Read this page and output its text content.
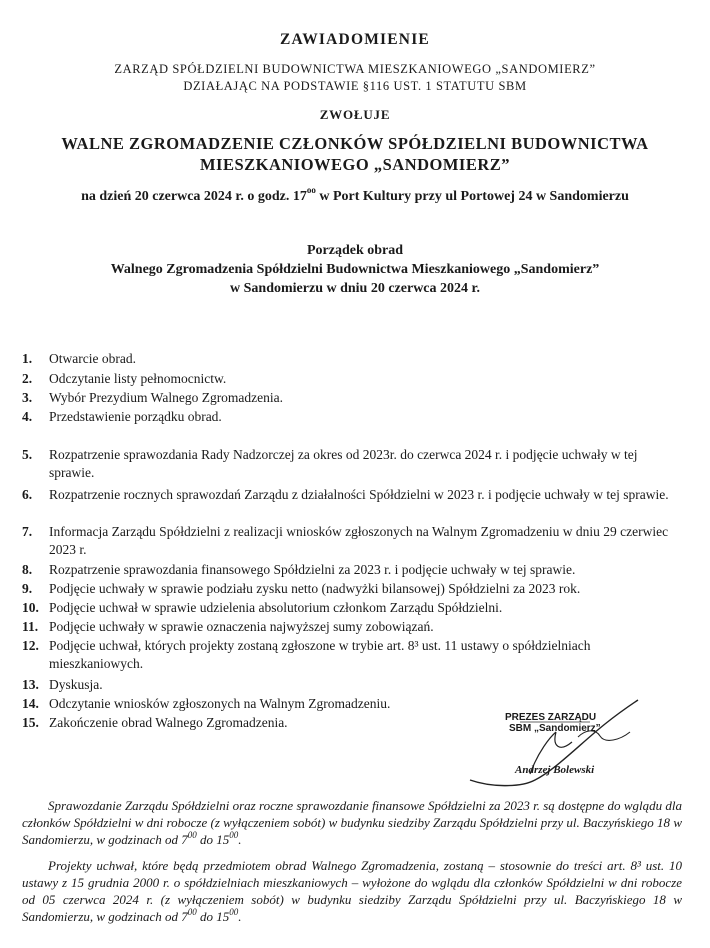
ZAWIADOMIENIE
ZARZĄD SPÓŁDZIELNI BUDOWNICTWA MIESZKANIOWEGO „SANDOMIERZ”
DZIAŁAJĄC NA PODSTAWIE §116 UST. 1 STATUTU SBM
ZWOŁUJE
WALNE ZGROMADZENIE CZŁONKÓW SPÓŁDZIELNI BUDOWNICTWA
MIESZKANIOWEGO „SANDOMIERZ”
na dzień 20 czerwca 2024 r. o godz. $17^{oo}$ w Port Kultury przy ul Portowej 24 w Sandomierzu
Porządek obrad
Walnego Zgromadzenia Spółdzielni Budownictwa Mieszkaniowego „Sandomierz”
w Sandomierzu w dniu 20 czerwca 2024 r.
1. Otwarcie obrad.
2. Odczytanie listy pełnomocnictw.
3. Wybór Prezydium Walnego Zgromadzenia.
4. Przedstawienie porządku obrad.
5. Rozpatrzenie sprawozdania Rady Nadzorczej za okres od 2023r. do czerwca 2024 r. i podjęcie uchwały w tej sprawie.
6. Rozpatrzenie rocznych sprawozdań Zarządu z działalności Spółdzielni w 2023 r. i podjęcie uchwały w tej sprawie.
7. Informacja Zarządu Spółdzielni z realizacji wniosków zgłoszonych na Walnym Zgromadzeniu w dniu 29 czerwiec 2023 r.
8. Rozpatrzenie sprawozdania finansowego Spółdzielni za 2023 r. i podjęcie uchwały w tej sprawie.
9. Podjęcie uchwały w sprawie podziału zysku netto (nadwyżki bilansowej) Spółdzielni za 2023 rok.
10. Podjęcie uchwał w sprawie udzielenia absolutorium członkom Zarządu Spółdzielni.
11. Podjęcie uchwały w sprawie oznaczenia najwyższej sumy zobowiązań.
12. Podjęcie uchwał, których projekty zostaną zgłoszone w trybie art. 8³ ust. 11 ustawy o spółdzielniach mieszkaniowych.
13. Dyskusja.
14. Odczytanie wniosków zgłoszonych na Walnym Zgromadzeniu.
15. Zakończenie obrad Walnego Zgromadzenia.	PREZES ZARZĄDU
SBM „Sandomierz”
Andrzej Bolewski
Sprawozdanie Zarządu Spółdzielni oraz roczne sprawozdanie finansowe Spółdzielni za 2023 r. są dostępne do wglądu dla członków Spółdzielni w dni robocze (z wyłączeniem sobót) w budynku siedziby Zarządu Spółdzielni przy ul. Baczyńskiego 18 w Sandomierzu, w godzinach od $7^{00}$ do $15^{00}$.
Projekty uchwał, które będą przedmiotem obrad Walnego Zgromadzenia, zostaną – stosownie do treści art. 8³ ust. 10 ustawy z 15 grudnia 2000 r. o spółdzielniach mieszkaniowych – wyłożone do wglądu dla członków Spółdzielni w dni robocze od 05 czerwca 2024 r. (z wyłączeniem sobót) w budynku siedziby Zarządu Spółdzielni przy ul. Baczyńskiego 18 w Sandomierzu, w godzinach od $7^{00}$ do $15^{00}$.
